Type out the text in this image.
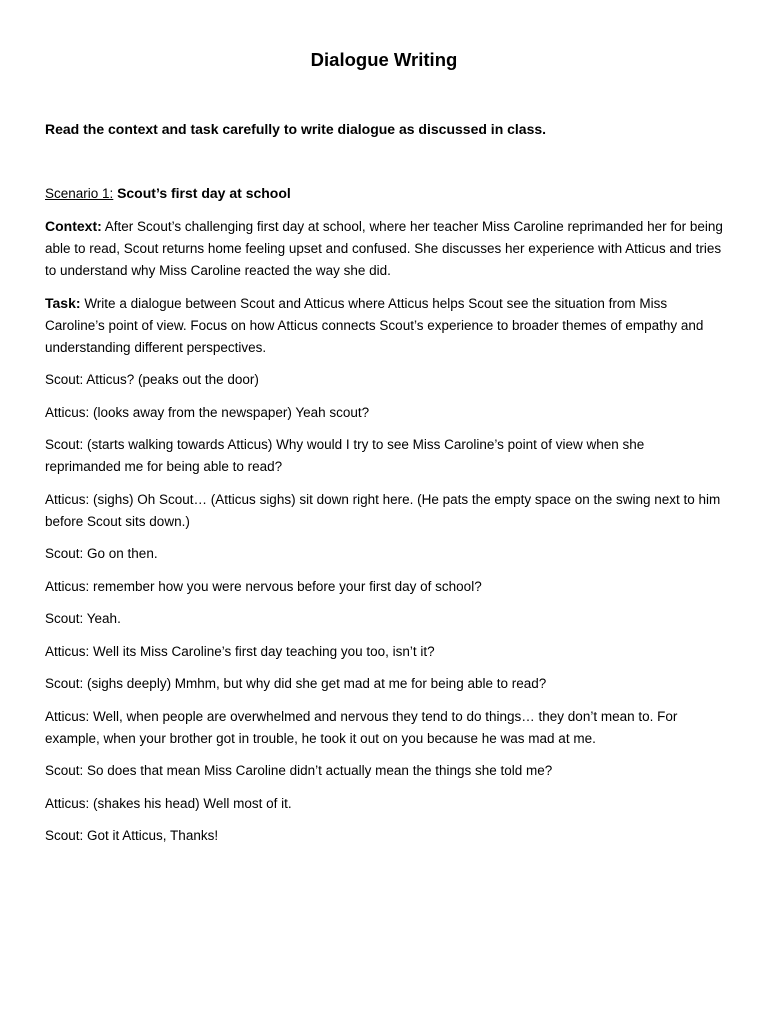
Dialogue Writing

Read the context and task carefully to write dialogue as discussed in class.

Scenario 1: Scout’s first day at school

Context: After Scout’s challenging first day at school, where her teacher Miss Caroline reprimanded her for being able to read, Scout returns home feeling upset and confused. She discusses her experience with Atticus and tries to understand why Miss Caroline reacted the way she did.

Task: Write a dialogue between Scout and Atticus where Atticus helps Scout see the situation from Miss Caroline’s point of view. Focus on how Atticus connects Scout’s experience to broader themes of empathy and understanding different perspectives.

Scout: Atticus? (peaks out the door)

Atticus: (looks away from the newspaper) Yeah scout?

Scout: (starts walking towards Atticus) Why would I try to see Miss Caroline’s point of view when she reprimanded me for being able to read?

Atticus: (sighs) Oh Scout… (Atticus sighs) sit down right here. (He pats the empty space on the swing next to him before Scout sits down.)

Scout: Go on then.

Atticus: remember how you were nervous before your first day of school?

Scout: Yeah.

Atticus: Well its Miss Caroline’s first day teaching you too, isn’t it?

Scout: (sighs deeply) Mmhm, but why did she get mad at me for being able to read?

Atticus: Well, when people are overwhelmed and nervous they tend to do things… they don’t mean to. For example, when your brother got in trouble, he took it out on you because he was mad at me.

Scout: So does that mean Miss Caroline didn’t actually mean the things she told me?

Atticus: (shakes his head) Well most of it.

Scout: Got it Atticus, Thanks!
